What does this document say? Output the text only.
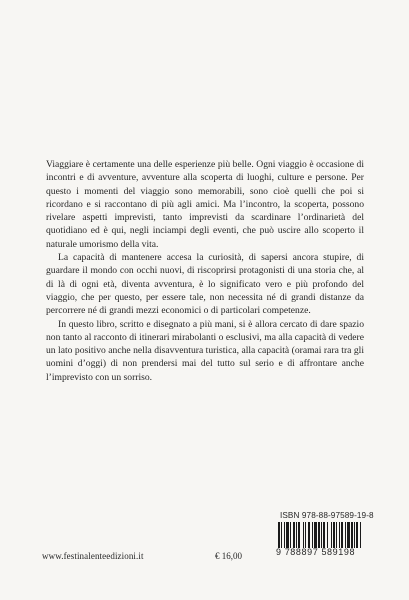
Viaggiare è certamente una delle esperienze più belle. Ogni viaggio è occasione di incontri e di avventure, avventure alla scoperta di luoghi, culture e persone. Per questo i momenti del viaggio sono memorabili, sono cioè quelli che poi si ricordano e si raccontano di più agli amici. Ma l’incontro, la scoperta, possono rivelare aspetti imprevisti, tanto imprevisti da scardinare l’ordinarietà del quotidiano ed è qui, negli inciampi degli eventi, che può uscire allo scoperto il naturale umorismo della vita.

La capacità di mantenere accesa la curiosità, di sapersi ancora stupire, di guardare il mondo con occhi nuovi, di riscoprirsi protagonisti di una storia che, al di là di ogni età, diventa avventura, è lo significato vero e più profondo del viaggio, che per questo, per essere tale, non necessita né di grandi distanze da percorrere né di grandi mezzi economici o di particolari competenze.

In questo libro, scritto e disegnato a più mani, si è allora cercato di dare spazio non tanto al racconto di itinerari mirabolanti o esclusivi, ma alla capacità di vedere un lato positivo anche nella disavventura turistica, alla capacità (oramai rara tra gli uomini d’oggi) di non prendersi mai del tutto sul serio e di affrontare anche l’imprevisto con un sorriso.

ISBN 978-88-97589-19-8
9 788897 589198
www.festinalenteedizioni.it	€ 16,00
